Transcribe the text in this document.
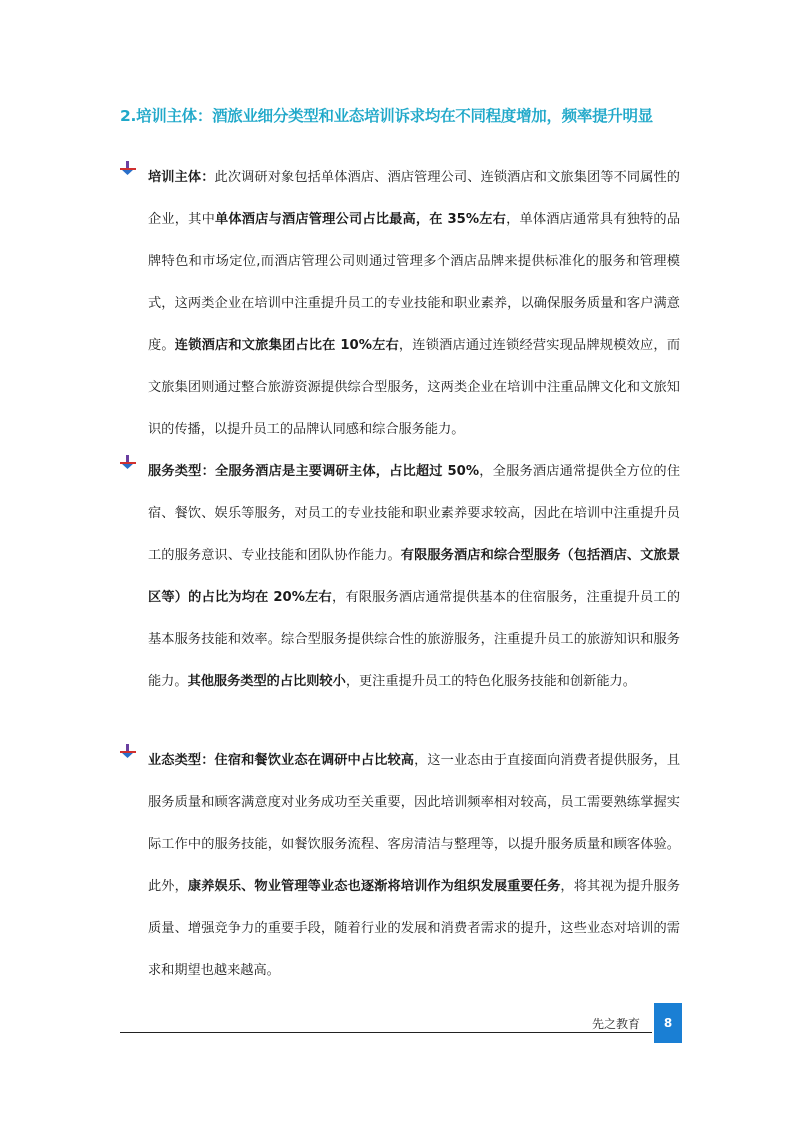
2.培训主体：酒旅业细分类型和业态培训诉求均在不同程度增加，频率提升明显

培训主体：此次调研对象包括单体酒店、酒店管理公司、连锁酒店和文旅集团等不同属性的企业，其中单体酒店与酒店管理公司占比最高，在 35%左右，单体酒店通常具有独特的品牌特色和市场定位,而酒店管理公司则通过管理多个酒店品牌来提供标准化的服务和管理模式，这两类企业在培训中注重提升员工的专业技能和职业素养，以确保服务质量和客户满意度。连锁酒店和文旅集团占比在 10%左右，连锁酒店通过连锁经营实现品牌规模效应，而文旅集团则通过整合旅游资源提供综合型服务，这两类企业在培训中注重品牌文化和文旅知识的传播，以提升员工的品牌认同感和综合服务能力。

服务类型：全服务酒店是主要调研主体，占比超过 50%，全服务酒店通常提供全方位的住宿、餐饮、娱乐等服务，对员工的专业技能和职业素养要求较高，因此在培训中注重提升员工的服务意识、专业技能和团队协作能力。有限服务酒店和综合型服务（包括酒店、文旅景区等）的占比为均在 20%左右，有限服务酒店通常提供基本的住宿服务，注重提升员工的基本服务技能和效率。综合型服务提供综合性的旅游服务，注重提升员工的旅游知识和服务能力。其他服务类型的占比则较小，更注重提升员工的特色化服务技能和创新能力。

业态类型：住宿和餐饮业态在调研中占比较高，这一业态由于直接面向消费者提供服务，且服务质量和顾客满意度对业务成功至关重要，因此培训频率相对较高，员工需要熟练掌握实际工作中的服务技能，如餐饮服务流程、客房清洁与整理等，以提升服务质量和顾客体验。此外，康养娱乐、物业管理等业态也逐渐将培训作为组织发展重要任务，将其视为提升服务质量、增强竞争力的重要手段，随着行业的发展和消费者需求的提升，这些业态对培训的需求和期望也越来越高。

先之教育	8
